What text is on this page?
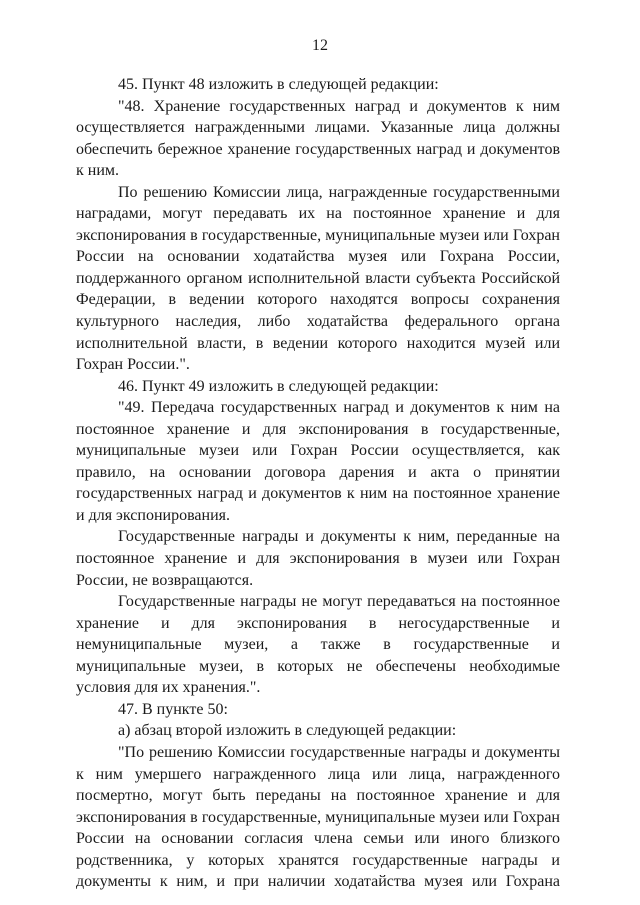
12

45. Пункт 48 изложить в следующей редакции:

"48. Хранение государственных наград и документов к ним осуществляется награжденными лицами. Указанные лица должны обеспечить бережное хранение государственных наград и документов к ним.

По решению Комиссии лица, награжденные государственными наградами, могут передавать их на постоянное хранение и для экспонирования в государственные, муниципальные музеи или Гохран России на основании ходатайства музея или Гохрана России, поддержанного органом исполнительной власти субъекта Российской Федерации, в ведении которого находятся вопросы сохранения культурного наследия, либо ходатайства федерального органа исполнительной власти, в ведении которого находится музей или Гохран России.".

46. Пункт 49 изложить в следующей редакции:

"49. Передача государственных наград и документов к ним на постоянное хранение и для экспонирования в государственные, муниципальные музеи или Гохран России осуществляется, как правило, на основании договора дарения и акта о принятии государственных наград и документов к ним на постоянное хранение и для экспонирования.

Государственные награды и документы к ним, переданные на постоянное хранение и для экспонирования в музеи или Гохран России, не возвращаются.

Государственные награды не могут передаваться на постоянное хранение и для экспонирования в негосударственные и немуниципальные музеи, а также в государственные и муниципальные музеи, в которых не обеспечены необходимые условия для их хранения.".

47. В пункте 50:

а) абзац второй изложить в следующей редакции:

"По решению Комиссии государственные награды и документы к ним умершего награжденного лица или лица, награжденного посмертно, могут быть переданы на постоянное хранение и для экспонирования в государственные, муниципальные музеи или Гохран России на основании согласия члена семьи или иного близкого родственника, у которых хранятся государственные награды и документы к ним, и при наличии ходатайства музея или Гохрана
